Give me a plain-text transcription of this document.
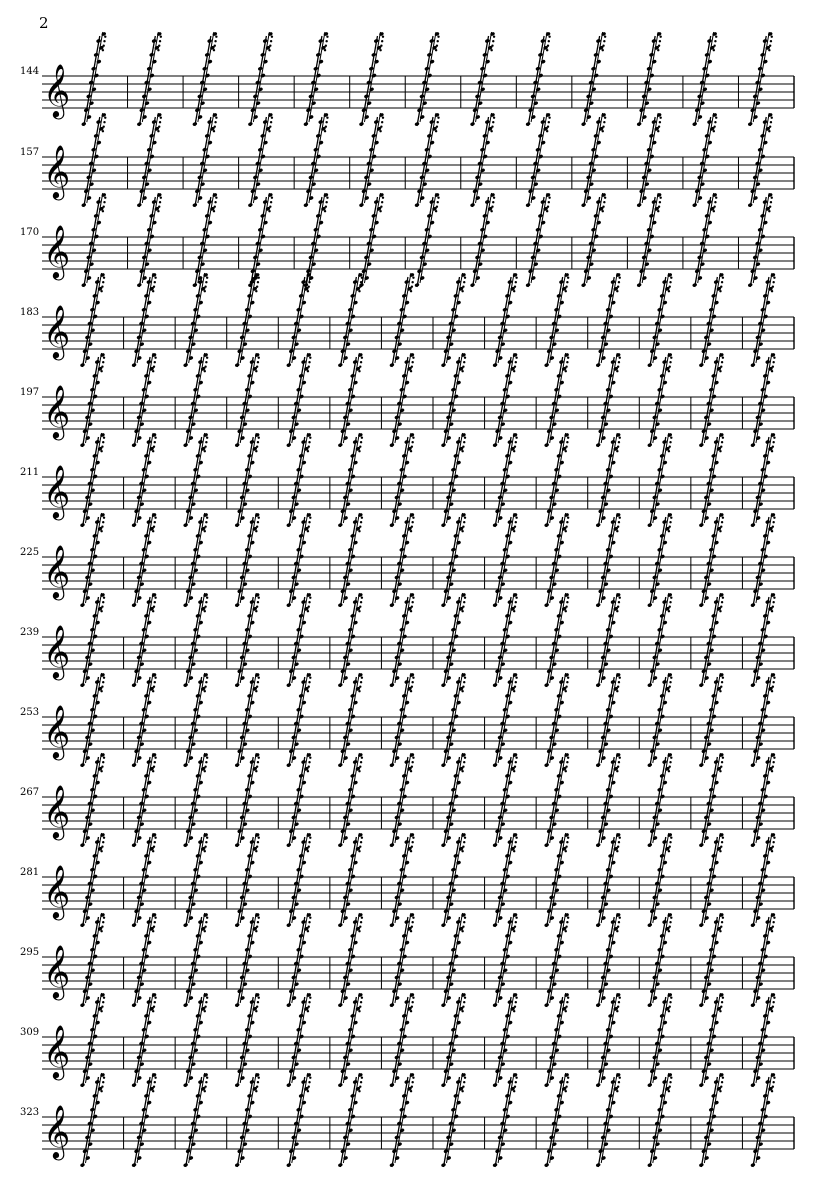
2
144 𝄞
157 𝄞
170 𝄞
183 𝄞
197 𝄞
211 𝄞
225 𝄞
239 𝄞
253 𝄞
267 𝄞
281 𝄞
295 𝄞
309 𝄞
323 𝄞
